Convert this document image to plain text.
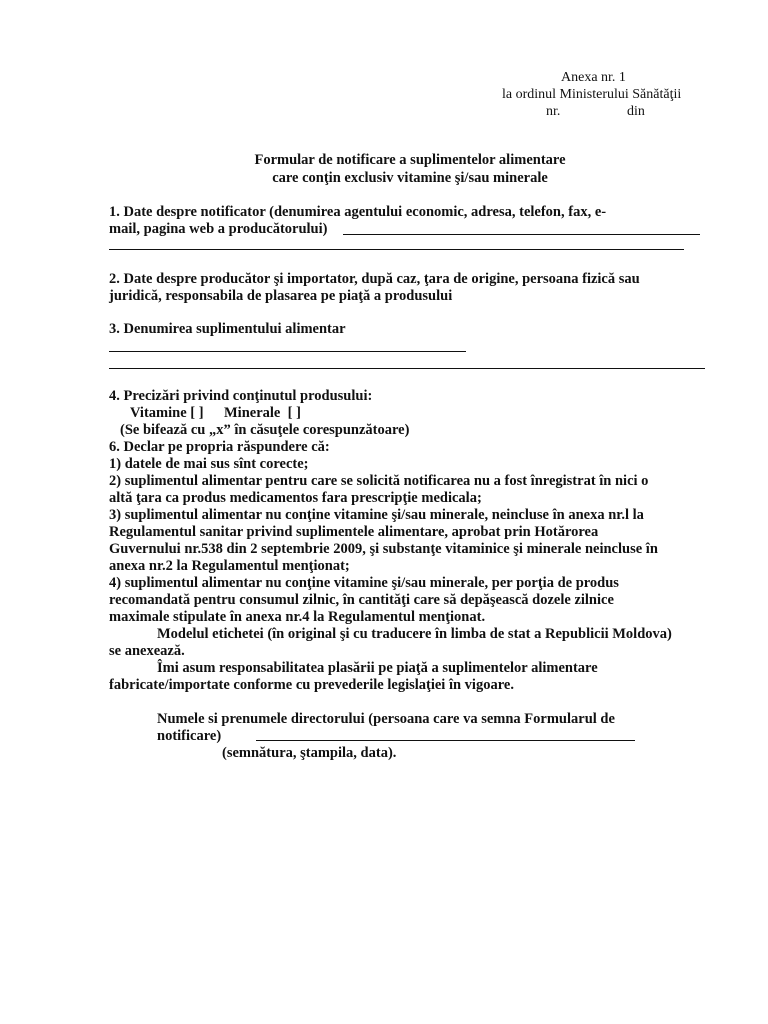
Anexa nr. 1
la ordinul Ministerului Sănătăţii
nr.	din
Formular de notificare a suplimentelor alimentare
care conţin exclusiv vitamine şi/sau minerale
1. Date despre notificator (denumirea agentului economic, adresa, telefon, fax, e-
mail, pagina web a producătorului)
2. Date despre producător şi importator, după caz, ţara de origine, persoana fizică sau
juridică, responsabila de plasarea pe piaţă a produsului
3. Denumirea suplimentului alimentar
4. Precizări privind conţinutul produsului:
Vitamine [ ] Minerale  [ ]
(Se bifează cu „x” în căsuţele corespunzătoare)
6. Declar pe propria răspundere că:
1) datele de mai sus sînt corecte;
2) suplimentul alimentar pentru care se solicită notificarea nu a fost înregistrat în nici o
altă ţara ca produs medicamentos fara prescripţie medicala;
3) suplimentul alimentar nu conţine vitamine şi/sau minerale, neincluse în anexa nr.l la
Regulamentul sanitar privind suplimentele alimentare, aprobat prin Hotărorea
Guvernului nr.538 din 2 septembrie 2009, şi substanţe vitaminice şi minerale neincluse în
anexa nr.2 la Regulamentul menţionat;
4) suplimentul alimentar nu conţine vitamine şi/sau minerale, per porţia de produs
recomandată pentru consumul zilnic, în cantităţi care să depăşească dozele zilnice
maximale stipulate în anexa nr.4 la Regulamentul menţionat.
Modelul etichetei (în original şi cu traducere în limba de stat a Republicii Moldova)
se anexează.
Îmi asum responsabilitatea plasării pe piaţă a suplimentelor alimentare
fabricate/importate conforme cu prevederile legislaţiei în vigoare.
Numele si prenumele directorului (persoana care va semna Formularul de
notificare)
(semnătura, ştampila, data).
